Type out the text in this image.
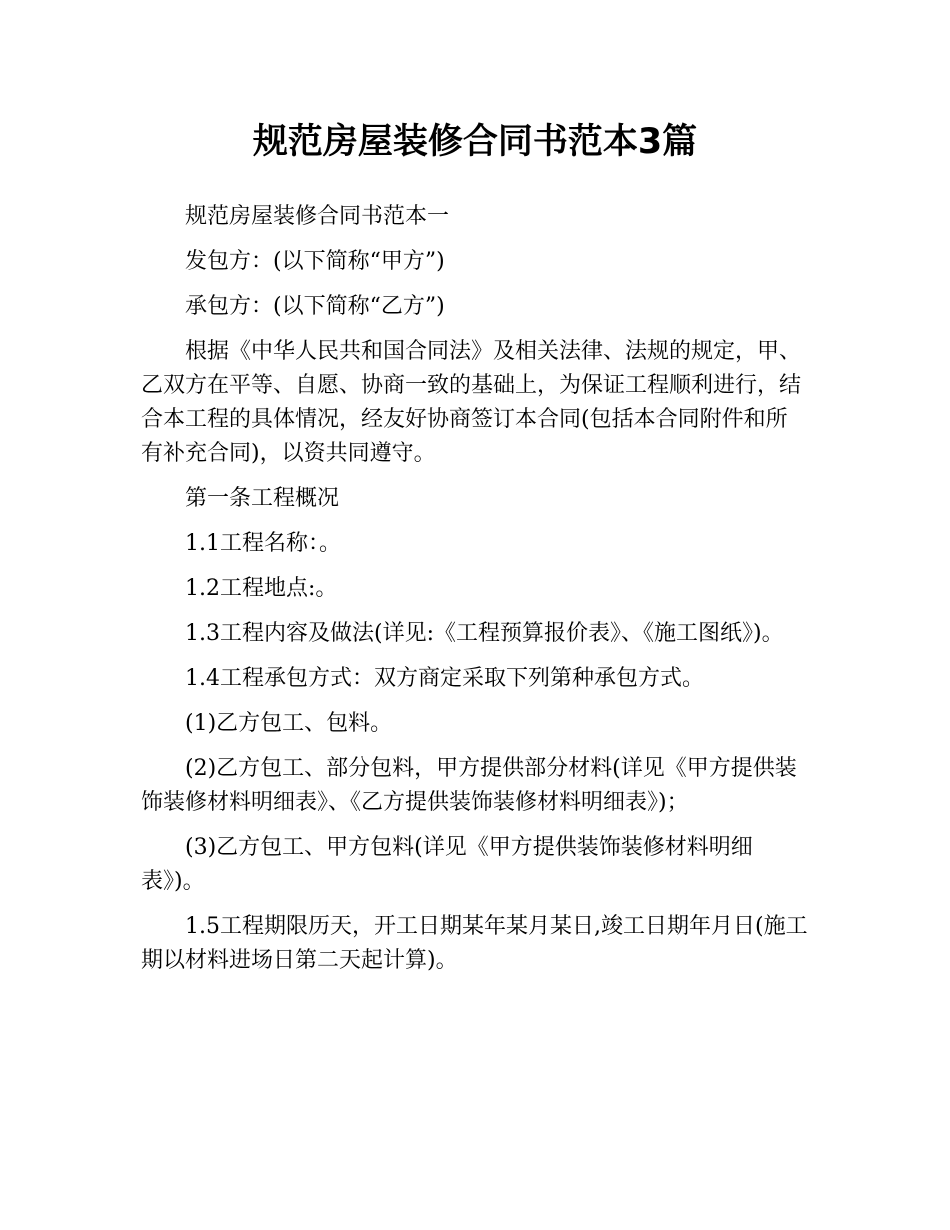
规范房屋装修合同书范本3篇

规范房屋装修合同书范本一

发包方：(以下简称“甲方”)

承包方：(以下简称“乙方”)

根据《中华人民共和国合同法》及相关法律、法规的规定，甲、乙双方在平等、自愿、协商一致的基础上，为保证工程顺利进行，结合本工程的具体情况，经友好协商签订本合同(包括本合同附件和所有补充合同)，以资共同遵守。

第一条工程概况

1.1工程名称：。

1.2工程地点:。

1.3工程内容及做法(详见:《工程预算报价表》、《施工图纸》)。

1.4工程承包方式：双方商定采取下列第种承包方式。

(1)乙方包工、包料。

(2)乙方包工、部分包料，甲方提供部分材料(详见《甲方提供装饰装修材料明细表》、《乙方提供装饰装修材料明细表》)；

(3)乙方包工、甲方包料(详见《甲方提供装饰装修材料明细表》)。

1.5工程期限历天，开工日期某年某月某日,竣工日期年月日(施工期以材料进场日第二天起计算)。
